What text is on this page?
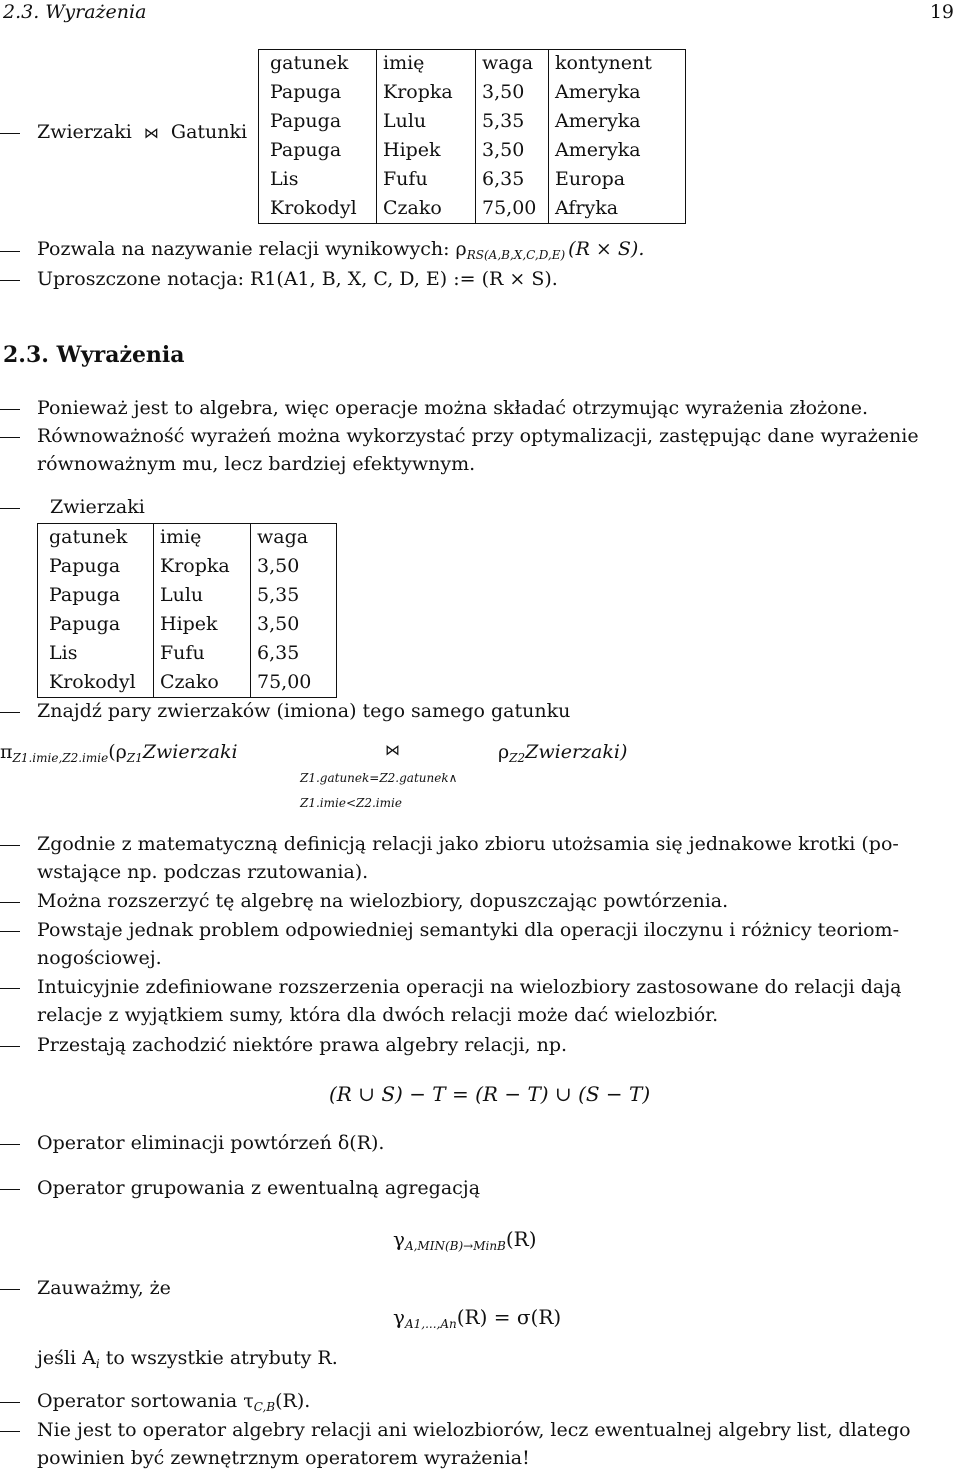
2.3. Wyrażenia	19
Zwierzaki ⋈ Gatunki
gatunek	imię	waga	kontynent
Papuga	Kropka	3,50	Ameryka
Papuga	Lulu	5,35	Ameryka
Papuga	Hipek	3,50	Ameryka
Lis	Fufu	6,35	Europa
Krokodyl	Czako	75,00	Afryka
Pozwala na nazywanie relacji wynikowych: $\rho_{RS(A,B,X,C,D,E)}$ (R × S).
Uproszczone notacja: R1(A1, B, X, C, D, E) := (R × S).
2.3. Wyrażenia
Ponieważ jest to algebra, więc operacje można składać otrzymując wyrażenia złożone.
Równoważność wyrażeń można wykorzystać przy optymalizacji, zastępując dane wyrażenie
równoważnym mu, lecz bardziej efektywnym.
Zwierzaki
gatunek	imię	waga
Papuga	Kropka	3,50
Papuga	Lulu	5,35
Papuga	Hipek	3,50
Lis	Fufu	6,35
Krokodyl	Czako	75,00
Znajdź pary zwierzaków (imiona) tego samego gatunku
$\pi_{Z1.imie,Z2.imie}(\rho_{Z1}Zwierzaki$	⋈
Z1.gatunek=Z2.gatunek∧
Z1.imie<Z2.imie
$\rho_{Z2}Zwierzaki$)
Zgodnie z matematyczną definicją relacji jako zbioru utożsamia się jednakowe krotki (po-
wstające np. podczas rzutowania).
Można rozszerzyć tę algebrę na wielozbiory, dopuszczając powtórzenia.
Powstaje jednak problem odpowiedniej semantyki dla operacji iloczynu i różnicy teoriom-
nogościowej.
Intuicyjnie zdefiniowane rozszerzenia operacji na wielozbiory zastosowane do relacji dają
relacje z wyjątkiem sumy, która dla dwóch relacji może dać wielozbiór.
Przestają zachodzić niektóre prawa algebry relacji, np.
(R ∪ S) − T = (R − T) ∪ (S − T)
Operator eliminacji powtórzeń δ(R).
Operator grupowania z ewentualną agregacją
$\gamma_{A,MIN(B)\to MinB}(R)$
Zauważmy, że
$\gamma_{A1,...,An}(R) = \sigma(R)$
jeśli $A_i$ to wszystkie atrybuty R.
Operator sortowania $\tau_{C,B}(R)$.
Nie jest to operator algebry relacji ani wielozbiorów, lecz ewentualnej algebry list, dlatego
powinien być zewnętrznym operatorem wyrażenia!
